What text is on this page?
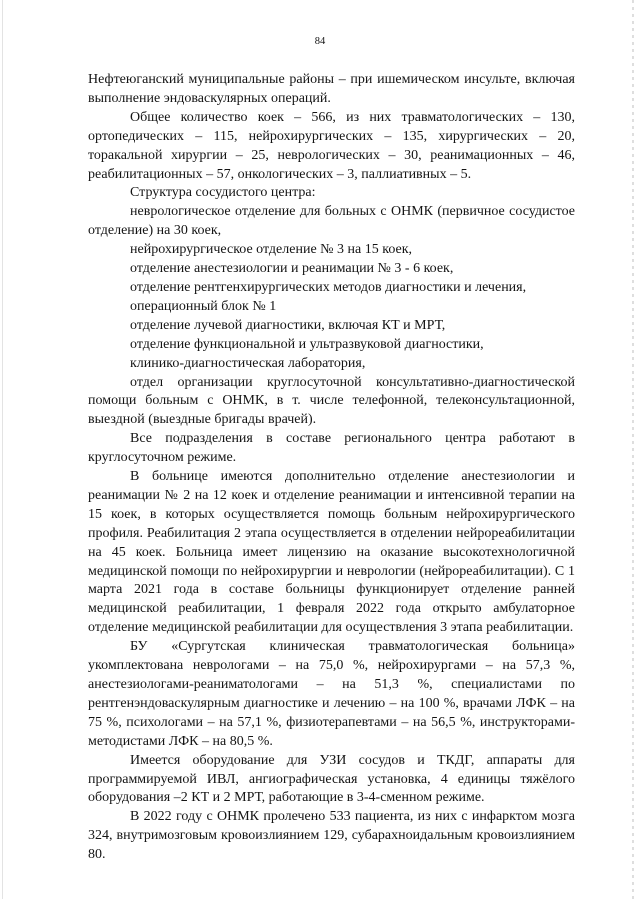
84

Нефтеюганский муниципальные районы – при ишемическом инсульте, включая выполнение эндоваскулярных операций.

Общее количество коек – 566, из них травматологических – 130, ортопедических – 115, нейрохирургических – 135, хирургических – 20, торакальной хирургии – 25, неврологических – 30, реанимационных – 46, реабилитационных – 57, онкологических – 3, паллиативных – 5.

Структура сосудистого центра:

неврологическое отделение для больных с ОНМК (первичное сосудистое отделение) на 30 коек,

нейрохирургическое отделение № 3 на 15 коек,

отделение анестезиологии и реанимации № 3 - 6 коек,

отделение рентгенхирургических методов диагностики и лечения,

операционный блок № 1

отделение лучевой диагностики, включая КТ и МРТ,

отделение функциональной и ультразвуковой диагностики,

клинико-диагностическая лаборатория,

отдел организации круглосуточной консультативно-диагностической помощи больным с ОНМК, в т. числе телефонной, телеконсультационной, выездной (выездные бригады врачей).

Все подразделения в составе регионального центра работают в круглосуточном режиме.

В больнице имеются дополнительно отделение анестезиологии и реанимации № 2 на 12 коек и отделение реанимации и интенсивной терапии на 15 коек, в которых осуществляется помощь больным нейрохирургического профиля. Реабилитация 2 этапа осуществляется в отделении нейрореабилитации на 45 коек. Больница имеет лицензию на оказание высокотехнологичной медицинской помощи по нейрохирургии и неврологии (нейрореабилитации). С 1 марта 2021 года в составе больницы функционирует отделение ранней медицинской реабилитации, 1 февраля 2022 года открыто амбулаторное отделение медицинской реабилитации для осуществления 3 этапа реабилитации.

БУ «Сургутская клиническая травматологическая больница» укомплектована неврологами – на 75,0 %, нейрохирургами – на 57,3 %, анестезиологами-реаниматологами – на 51,3 %, специалистами по рентгенэндоваскулярным диагностике и лечению – на 100 %, врачами ЛФК – на 75 %, психологами – на 57,1 %, физиотерапевтами – на 56,5 %, инструкторами-методистами ЛФК – на 80,5 %.

Имеется оборудование для УЗИ сосудов и ТКДГ, аппараты для программируемой ИВЛ, ангиографическая установка, 4 единицы тяжёлого оборудования –2 КТ и 2 МРТ, работающие в 3-4-сменном режиме.

В 2022 году с ОНМК пролечено 533 пациента, из них с инфарктом мозга 324, внутримозговым кровоизлиянием 129, субарахноидальным кровоизлиянием 80.
